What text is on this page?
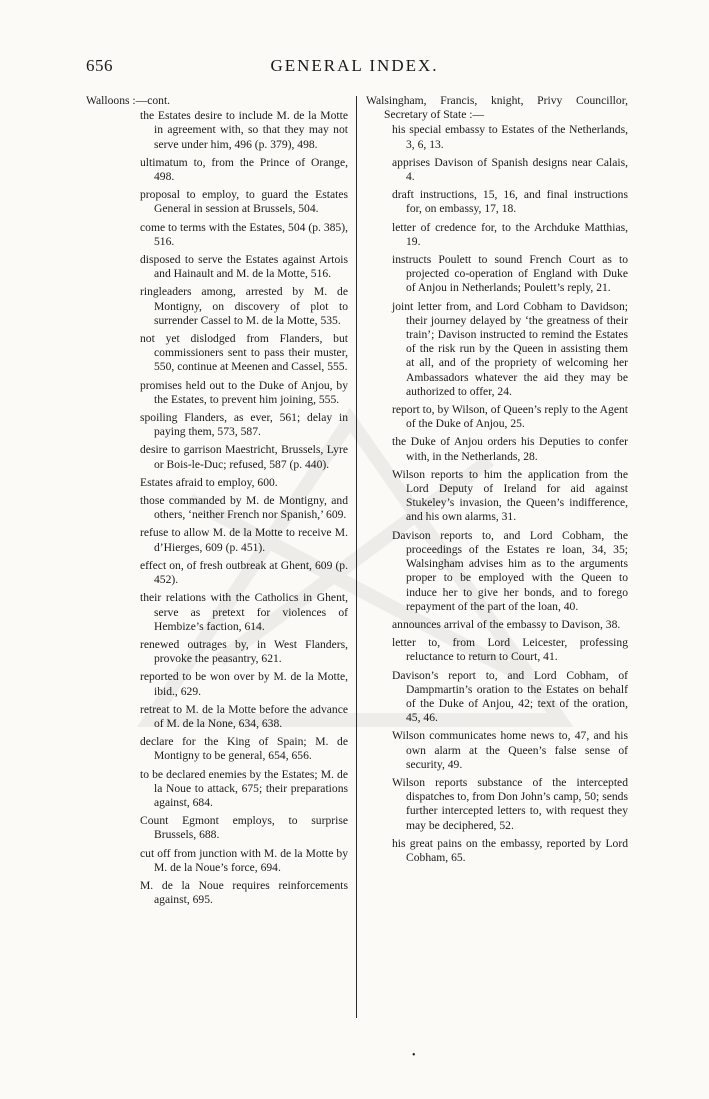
656	GENERAL INDEX.
Walloons :—cont.
the Estates desire to include M. de la Motte in agreement with, so that they may not serve under him, 496 (p. 379), 498.
ultimatum to, from the Prince of Orange, 498.
proposal to employ, to guard the Estates General in session at Brussels, 504.
come to terms with the Estates, 504 (p. 385), 516.
disposed to serve the Estates against Artois and Hainault and M. de la Motte, 516.
ringleaders among, arrested by M. de Montigny, on discovery of plot to surrender Cassel to M. de la Motte, 535.
not yet dislodged from Flanders, but commissioners sent to pass their muster, 550, continue at Meenen and Cassel, 555.
promises held out to the Duke of Anjou, by the Estates, to prevent him joining, 555.
spoiling Flanders, as ever, 561; delay in paying them, 573, 587.
desire to garrison Maestricht, Brussels, Lyre or Bois-le-Duc; refused, 587 (p. 440).
Estates afraid to employ, 600.
those commanded by M. de Montigny, and others, ‘neither French nor Spanish,’ 609.
refuse to allow M. de la Motte to receive M. d’Hierges, 609 (p. 451).
effect on, of fresh outbreak at Ghent, 609 (p. 452).
their relations with the Catholics in Ghent, serve as pretext for violences of Hembize’s faction, 614.
renewed outrages by, in West Flanders, provoke the peasantry, 621.
reported to be won over by M. de la Motte, ibid., 629.
retreat to M. de la Motte before the advance of M. de la None, 634, 638.
declare for the King of Spain; M. de Montigny to be general, 654, 656.
to be declared enemies by the Estates; M. de la Noue to attack, 675; their preparations against, 684.
Count Egmont employs, to surprise Brussels, 688.
cut off from junction with M. de la Motte by M. de la Noue’s force, 694.
M. de la Noue requires reinforcements against, 695.
Walsingham, Francis, knight, Privy Councillor, Secretary of State :—
his special embassy to Estates of the Netherlands, 3, 6, 13.
apprises Davison of Spanish designs near Calais, 4.
draft instructions, 15, 16, and final instructions for, on embassy, 17, 18.
letter of credence for, to the Archduke Matthias, 19.
instructs Poulett to sound French Court as to projected co-operation of England with Duke of Anjou in Netherlands; Poulett’s reply, 21.
joint letter from, and Lord Cobham to Davidson; their journey delayed by ‘the greatness of their train’; Davison instructed to remind the Estates of the risk run by the Queen in assisting them at all, and of the propriety of welcoming her Ambassadors whatever the aid they may be authorized to offer, 24.
report to, by Wilson, of Queen’s reply to the Agent of the Duke of Anjou, 25.
the Duke of Anjou orders his Deputies to confer with, in the Netherlands, 28.
Wilson reports to him the application from the Lord Deputy of Ireland for aid against Stukeley’s invasion, the Queen’s indifference, and his own alarms, 31.
Davison reports to, and Lord Cobham, the proceedings of the Estates re loan, 34, 35; Walsingham advises him as to the arguments proper to be employed with the Queen to induce her to give her bonds, and to forego repayment of the part of the loan, 40.
announces arrival of the embassy to Davison, 38.
letter to, from Lord Leicester, professing reluctance to return to Court, 41.
Davison’s report to, and Lord Cobham, of Dampmartin’s oration to the Estates on behalf of the Duke of Anjou, 42; text of the oration, 45, 46.
Wilson communicates home news to, 47, and his own alarm at the Queen’s false sense of security, 49.
Wilson reports substance of the intercepted dispatches to, from Don John’s camp, 50; sends further intercepted letters to, with request they may be deciphered, 52.
his great pains on the embassy, reported by Lord Cobham, 65.
•
